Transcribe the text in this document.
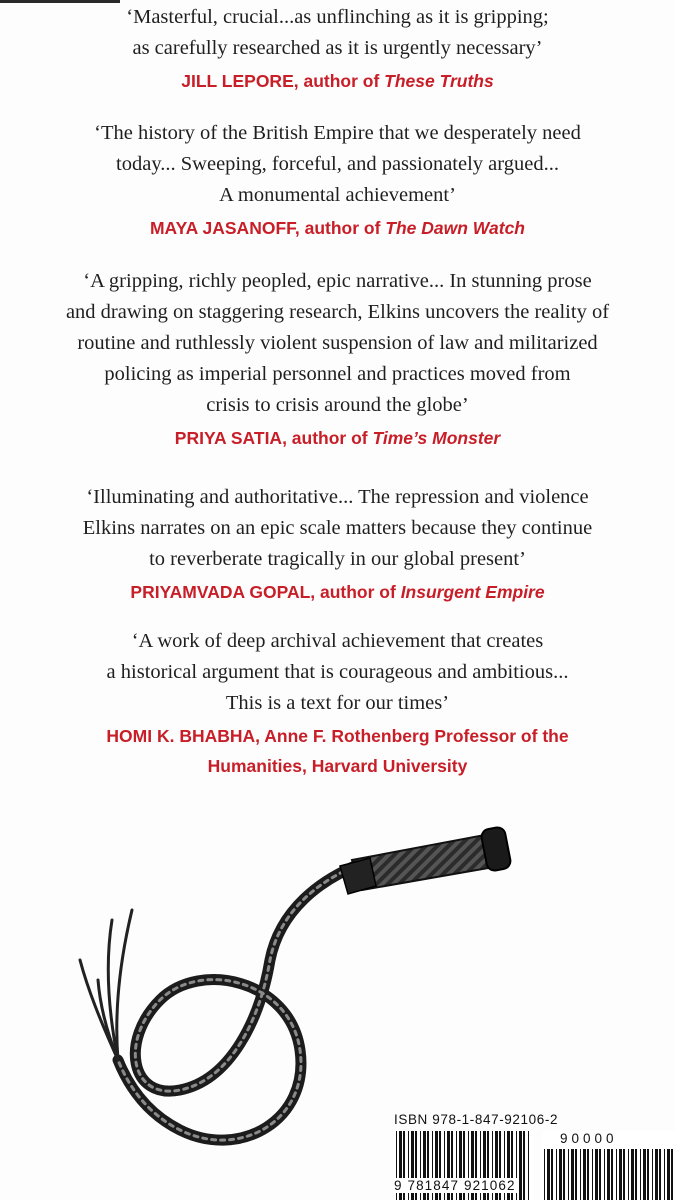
‘Masterful, crucial...as unflinching as it is gripping;
as carefully researched as it is urgently necessary’

JILL LEPORE, author of These Truths

‘The history of the British Empire that we desperately need
today... Sweeping, forceful, and passionately argued...
A monumental achievement’

MAYA JASANOFF, author of The Dawn Watch

‘A gripping, richly peopled, epic narrative... In stunning prose
and drawing on staggering research, Elkins uncovers the reality of
routine and ruthlessly violent suspension of law and militarized
policing as imperial personnel and practices moved from
crisis to crisis around the globe’

PRIYA SATIA, author of Time’s Monster

‘Illuminating and authoritative... The repression and violence
Elkins narrates on an epic scale matters because they continue
to reverberate tragically in our global present’

PRIYAMVADA GOPAL, author of Insurgent Empire

‘A work of deep archival achievement that creates
a historical argument that is courageous and ambitious...
This is a text for our times’

HOMI K. BHABHA, Anne F. Rothenberg Professor of the
Humanities, Harvard University

ISBN 978-1-847-92106-2
90000
9 781847 921062
